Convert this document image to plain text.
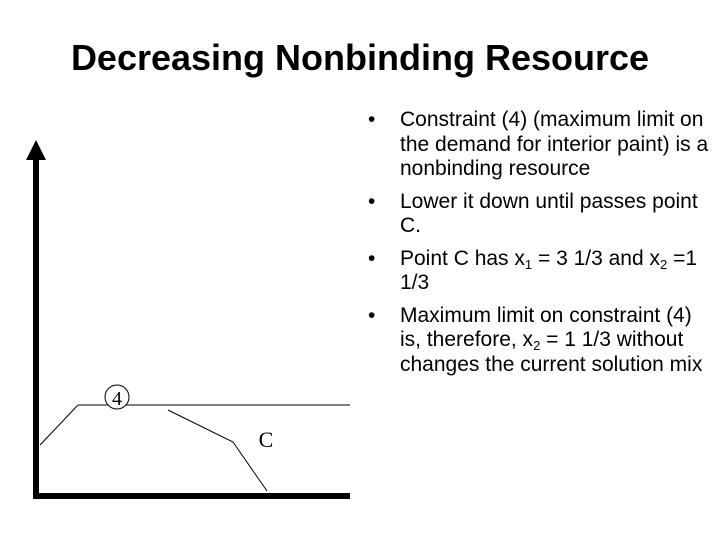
Decreasing Nonbinding Resource
4
C
• Constraint (4) (maximum limit on the demand for interior paint) is a nonbinding resource
• Lower it down until passes point C.
• Point C has $x_1 = 3$ 1/3 and $x_2 =1$ 1/3
• Maximum limit on constraint (4) is, therefore, $x_2 = 1$ 1/3 without changes the current solution mix
